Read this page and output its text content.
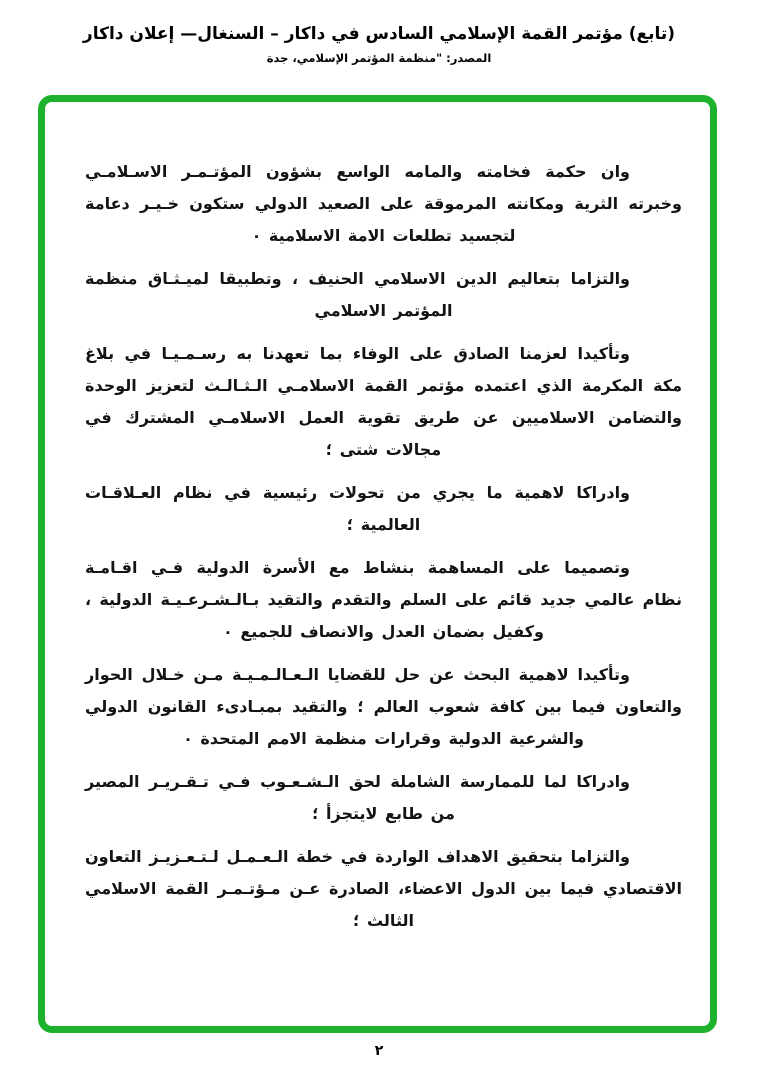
(تابع) مؤتمر القمة الإسلامي السادس في داكار – السنغال— إعلان داكار
المصدر: "منظمة المؤتمر الإسلامي، جدة

وان حكمة فخامته والمامه الواسع بشؤون المؤتـمـر الاسـلامـي وخبرته الثرية ومكانته المرموقة على الصعيد الدولي ستكون خـيـر دعامة لتجسيد تطلعات الامة الاسلامية ٠

والتزاما بتعاليم الدين الاسلامي الحنيف ، وتطبيقا لميـثـاق منظمة المؤتمر الاسلامي

وتأكيدا لعزمنا الصادق على الوفاء بما تعهدنا به رسـمـيـا في بلاغ مكة المكرمة الذي اعتمده مؤتمر القمة الاسلامـي الـثـالـث لتعزيز الوحدة والتضامن الاسلاميين عن طريق تقوية العمل الاسلامـي المشترك في مجالات شتى ؛

وادراكا لاهمية ما يجري من تحولات رئيسية في نظام العـلاقـات العالمية ؛

وتصميما على المساهمة بنشاط مع الأسرة الدولية فـي اقـامـة نظام عالمي جديد قائم على السلم والتقدم والتقيد بـالـشـرعـيـة الدولية ، وكفيل بضمان العدل والانصاف للجميع ٠

وتأكيدا لاهمية البحث عن حل للقضايا الـعـالـمـيـة مـن خـلال الحوار والتعاون فيما بين كافة شعوب العالم ؛ والتقيد بمبـادىء القانون الدولي والشرعية الدولية وقرارات منظمة الامم المتحدة ٠

وادراكا لما للممارسة الشاملة لحق الـشـعـوب فـي تـقـريـر المصير من طابع لايتجزأ ؛

والتزاما بتحقيق الاهداف الواردة في خطة الـعـمـل لـتـعـزيـز التعاون الاقتصادي فيما بين الدول الاعضاء، الصادرة عـن مـؤتـمـر القمة الاسلامي الثالث ؛

٢
